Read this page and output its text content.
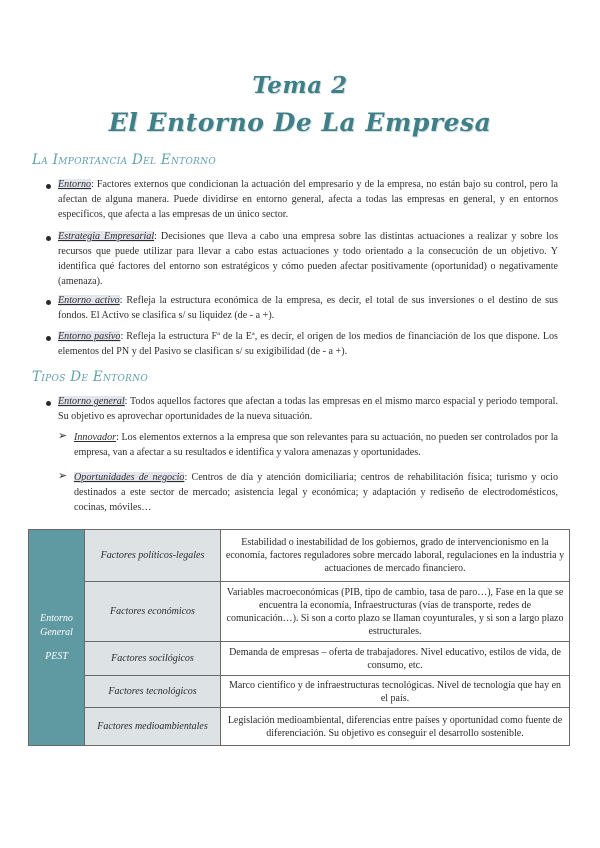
Tema 2
El Entorno De La Empresa
La Importancia Del Entorno
Entorno: Factores externos que condicionan la actuación del empresario y de la empresa, no están bajo su control, pero la afectan de alguna manera. Puede dividirse en entorno general, afecta a todas las empresas en general, y en entornos específicos, que afecta a las empresas de un único sector.
Estrategia Empresarial: Decisiones que lleva a cabo una empresa sobre las distintas actuaciones a realizar y sobre los recursos que puede utilizar para llevar a cabo estas actuaciones y todo orientado a la consecución de un objetivo. Y identifica qué factores del entorno son estratégicos y cómo pueden afectar positivamente (oportunidad) o negativamente (amenaza).
Entorno activo: Refleja la estructura económica de la empresa, es decir, el total de sus inversiones o el destino de sus fondos. El Activo se clasifica s/ su liquidez (de - a +).
Entorno pasivo: Refleja la estructura Fª de la Eª, es decir, el origen de los medios de financiación de los que dispone. Los elementos del PN y del Pasivo se clasifican s/ su exigibilidad (de - a +).
Tipos De Entorno
Entorno general: Todos aquellos factores que afectan a todas las empresas en el mismo marco espacial y periodo temporal. Su objetivo es aprovechar oportunidades de la nueva situación.
➢ Innovador: Los elementos externos a la empresa que son relevantes para su actuación, no pueden ser controlados por la empresa, van a afectar a su resultados e identifica y valora amenazas y oportunidades.
➢ Oportunidades de negocio: Centros de día y atención domiciliaria; centros de rehabilitación física; turismo y ocio destinados a este sector de mercado; asistencia legal y económica; y adaptación y rediseño de electrodomésticos, cocinas, móviles…
Entorno
General
PEST	Factores políticos-legales	Estabilidad o inestabilidad de los gobiernos, grado de intervencionismo en la economía, factores reguladores sobre mercado laboral, regulaciones en la industria y actuaciones de mercado financiero.
	Factores económicos	Variables macroeconómicas (PIB, tipo de cambio, tasa de paro…), Fase en la que se encuentra la economía, Infraestructuras (vías de transporte, redes de comunicación…). Si son a corto plazo se llaman coyunturales, y si son a largo plazo estructurales.
	Factores socilógicos	Demanda de empresas – oferta de trabajadores. Nivel educativo, estilos de vida, de consumo, etc.
	Factores tecnológicos	Marco científico y de infraestructuras tecnológicas. Nivel de tecnología que hay en el país.
	Factores medioambientales	Legislación medioambiental, diferencias entre países y oportunidad como fuente de diferenciación. Su objetivo es conseguir el desarrollo sostenible.
